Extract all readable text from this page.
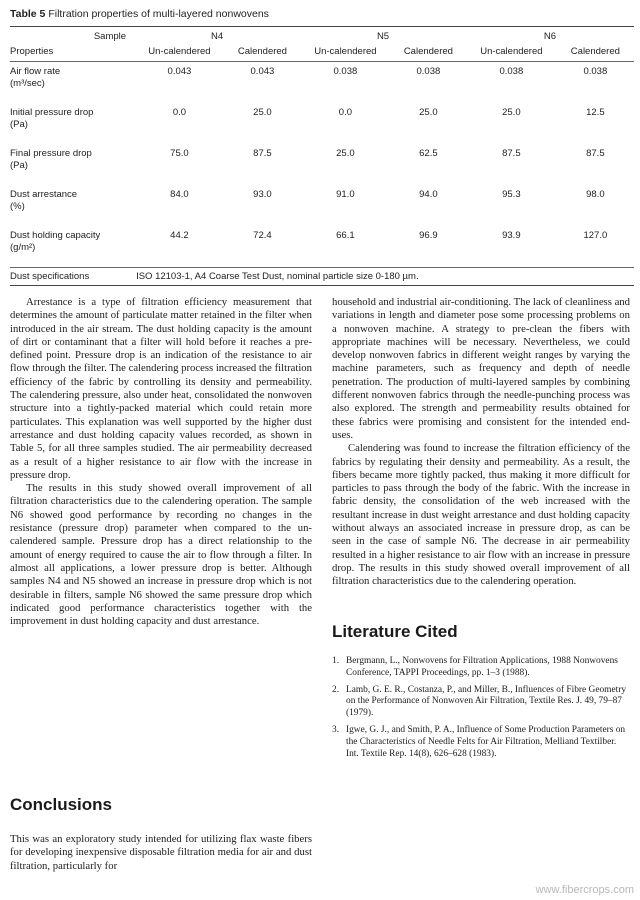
Table 5 Filtration properties of multi-layered nonwovens

Sample	N4		N5		N6	
Properties	Un-calendered	Calendered	Un-calendered	Calendered	Un-calendered	Calendered
Air flow rate
(m³/sec)	0.043	0.043	0.038	0.038	0.038	0.038
Initial pressure drop
(Pa)	0.0	25.0	0.0	25.0	25.0	12.5
Final pressure drop
(Pa)	75.0	87.5	25.0	62.5	87.5	87.5
Dust arrestance
(%)	84.0	93.0	91.0	94.0	95.3	98.0
Dust holding capacity
(g/m²)	44.2	72.4	66.1	96.9	93.9	127.0
Dust specifications	ISO 12103-1, A4 Coarse Test Dust, nominal particle size 0-180 µm.					

Arrestance is a type of filtration efficiency measurement that determines the amount of particulate matter retained in the filter when introduced in the air stream. The dust holding capacity is the amount of dirt or contaminant that a filter will hold before it reaches a pre-defined point. Pressure drop is an indication of the resistance to air flow through the filter. The calendering process increased the filtration efficiency of the fabric by controlling its density and permeability. The calendering pressure, also under heat, consolidated the nonwoven structure into a tightly-packed material which could retain more particulates. This explanation was well supported by the higher dust arrestance and dust holding capacity values recorded, as shown in Table 5, for all three samples studied. The air permeability decreased as a result of a higher resistance to air flow with the increase in pressure drop.

The results in this study showed overall improvement of all filtration characteristics due to the calendering operation. The sample N6 showed good performance by recording no changes in the resistance (pressure drop) parameter when compared to the un-calendered sample. Pressure drop has a direct relationship to the amount of energy required to cause the air to flow through a filter. In almost all applications, a lower pressure drop is better. Although samples N4 and N5 showed an increase in pressure drop which is not desirable in filters, sample N6 showed the same pressure drop which indicated good performance characteristics together with the improvement in dust holding capacity and dust arrestance.

Conclusions

This was an exploratory study intended for utilizing flax waste fibers for developing inexpensive disposable filtration media for air and dust filtration, particularly for

household and industrial air-conditioning. The lack of cleanliness and variations in length and diameter pose some processing problems on a nonwoven machine. A strategy to pre-clean the fibers with appropriate machines will be necessary. Nevertheless, we could develop nonwoven fabrics in different weight ranges by varying the machine parameters, such as frequency and depth of needle penetration. The production of multi-layered samples by combining different nonwoven fabrics through the needle-punching process was also explored. The strength and permeability results obtained for these fabrics were promising and consistent for the intended end-uses.

Calendering was found to increase the filtration efficiency of the fabrics by regulating their density and permeability. As a result, the fibers became more tightly packed, thus making it more difficult for particles to pass through the body of the fabric. With the increase in fabric density, the consolidation of the web increased with the resultant increase in dust weight arrestance and dust holding capacity without always an associated increase in pressure drop, as can be seen in the case of sample N6. The decrease in air permeability resulted in a higher resistance to air flow with an increase in pressure drop. The results in this study showed overall improvement of all filtration characteristics due to the calendering operation.

Literature Cited
1. Bergmann, L., Nonwovens for Filtration Applications, 1988 Nonwovens Conference, TAPPI Proceedings, pp. 1–3 (1988).
2. Lamb, G. E. R., Costanza, P., and Miller, B., Influences of Fibre Geometry on the Performance of Nonwoven Air Filtration, Textile Res. J. 49, 79–87 (1979).
3. Igwe, G. J., and Smith, P. A., Influence of Some Production Parameters on the Characteristics of Needle Felts for Air Filtration, Melliand Textilber. Int. Textile Rep. 14(8), 626–628 (1983).
www.fibercrops.com
